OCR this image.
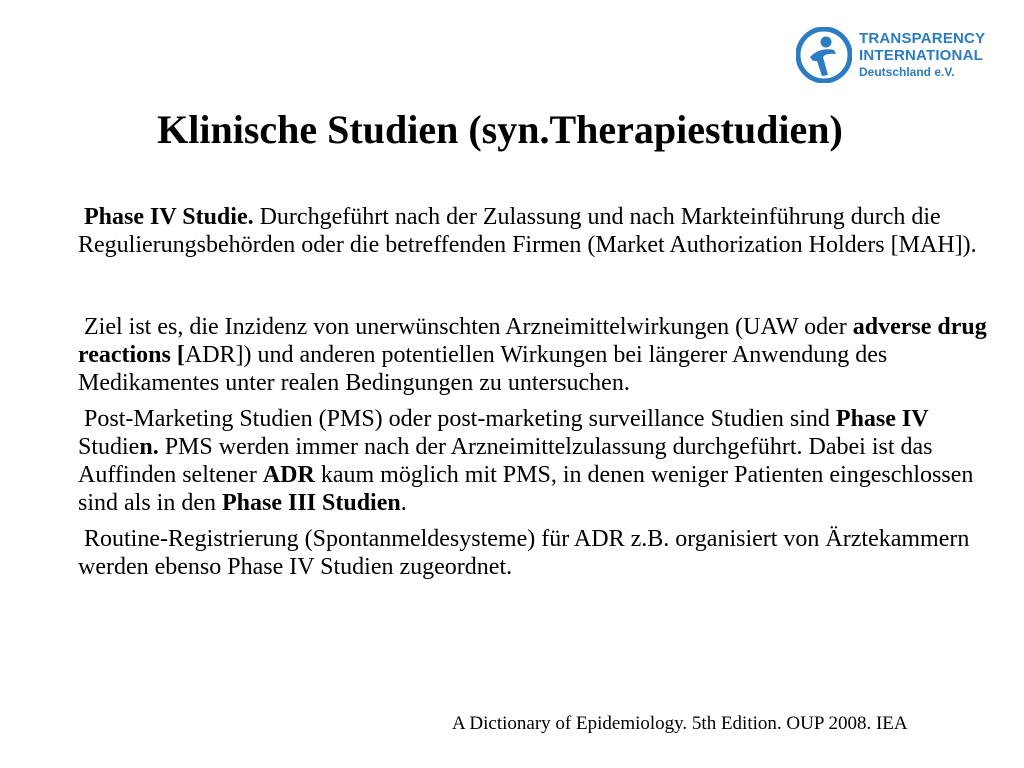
TRANSPARENCY
INTERNATIONAL
Deutschland e.V.
Klinische Studien (syn.Therapiestudien)

Phase IV Studie. Durchgeführt nach der Zulassung und nach Markteinführung durch die Regulierungsbehörden oder die betreffenden Firmen (Market Authorization Holders [MAH]).

Ziel ist es, die Inzidenz von unerwünschten Arzneimittelwirkungen (UAW oder adverse drug reactions [ADR]) und anderen potentiellen Wirkungen bei längerer Anwendung des Medikamentes unter realen Bedingungen zu untersuchen.

Post-Marketing Studien (PMS) oder post-marketing surveillance Studien sind Phase IV Studien. PMS werden immer nach der Arzneimittelzulassung durchgeführt. Dabei ist das Auffinden seltener ADR kaum möglich mit PMS, in denen weniger Patienten eingeschlossen sind als in den Phase III Studien.

Routine-Registrierung (Spontanmeldesysteme) für ADR z.B. organisiert von Ärztekammern werden ebenso Phase IV Studien zugeordnet.

A Dictionary of Epidemiology. 5th Edition. OUP 2008. IEA
